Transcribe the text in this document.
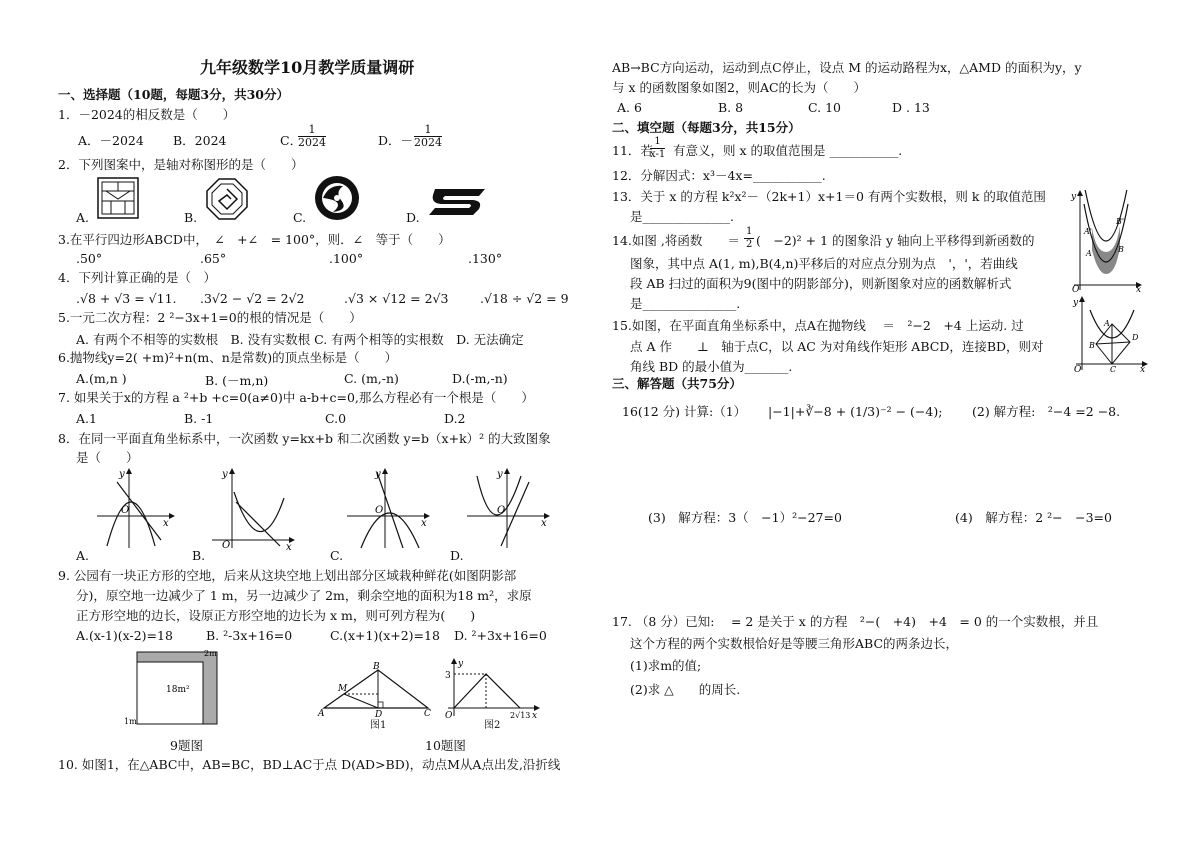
九年级数学10月教学质量调研
一、选择题（10题，每题3分，共30分）
1．－2024的相反数是（　　）
A．－2024 B．2024	C．
$\frac{1}{2024}$	D．－ $\frac{1}{2024}$
2．下列图案中，是轴对称图形的是（　　）
A.	B.	C.	D.
3.在平行四边形ABCD中，　∠　+∠　= 100°，则．∠　等于（　　）
.50°	.65°	.100°	.130°
4．下列计算正确的是（　）
.√8 + √3 = √11. .3√2 − √2 = 2√2	.√3 × √12 = 2√3	.√18 ÷ √2 = 9
5.一元二次方程：2 ²−3x+1=0的根的情况是（　　）
A. 有两个不相等的实数根　B. 没有实数根 C. 有两个相等的实根数　D. 无法确定
6.抛物线y=2( +m)²+n(m、n是常数)的顶点坐标是（　　）
A.(m,n )	B. (－m,n)	C. (m,-n)	D.(-m,-n)
7. 如果关于x的方程 a ²+b +c=0(a≠0)中 a-b+c=0,那么方程必有一个根是（　　）
A.1	B. -1	C.0	D.2
8．在同一平面直角坐标系中，一次函数 y=kx+b 和二次函数 y=b（x+k）² 的大致图象
是（　　）
O
x
y
O	x
y
O
x
y
O
x
y
A.	B.	C.	D.
9. 公园有一块正方形的空地，后来从这块空地上划出部分区域栽种鲜花(如图阴影部
分)，原空地一边减少了 1 m，另一边减少了 2m，剩余空地的面积为18 m²，求原
正方形空地的边长，设原正方形空地的边长为 x m，则可列方程为(　　)
A.(x-1)(x-2)=18	B. ²-3x+16=0	C.(x+1)(x+2)=18 D. ²+3x+16=0
18m²
2m
1m
9题图
A
B
C
D
M
图1
O
3
x
y
2√13
图2
10题图
10. 如图1，在△ABC中，AB=BC，BD⊥AC于点 D(AD>BD)，动点M从A点出发,沿折线
AB→BC方向运动，运动到点C停止，设点 M 的运动路程为x，△AMD 的面积为y，y
与 x 的函数图象如图2，则AC的长为（　　）
A. 6	B. 8	C. 10	D . 13
二、填空题（每题3分，共15分）
11．若
$\frac{1}{x-1}$ 有意义，则 x 的取值范围是 ___________.
12．分解因式：x³－4x=___________.
13．关于 x 的方程 k²x²－（2k+1）x+1＝0 有两个实数根，则 k 的取值范围
是______________.
14.如图 ,将函数　　＝ $\frac{1}{2}$ (　−2)² + 1 的图象沿 y 轴向上平移得到新函数的
图象，其中点 A(1, m),B(4,n)平移后的对应点分别为点　'，'，若曲线
段 AB 扫过的面积为9(图中的阴影部分)，则新图象对应的函数解析式
是_______________.
O	x
y
A
A'
B
B'
15.如图，在平面直角坐标系中，点A在抛物线　 ＝　²−2　+4 上运动. 过
点 A 作　　⊥　轴于点C，以 AC 为对角线作矩形 ABCD，连接BD，则对
角线 BD 的最小值为_______.	O	x
y
A
B
C
D
三、解答题（共75分）
16(12 分) 计算:（1） |−1|+∛−8 + (1/3)⁻² − (−4); (2) 解方程:　²−4 =2 −8.
(3)　解方程：3（　−1）²−27=0	(4)　解方程：2 ²−　−3=0
17. （8 分）已知:　 = 2 是关于 x 的方程　²−(　+4)　+4　= 0 的一个实数根，并且
这个方程的两个实数根恰好是等腰三角形ABC的两条边长，
(1)求m的值;
(2)求 △　　的周长.
